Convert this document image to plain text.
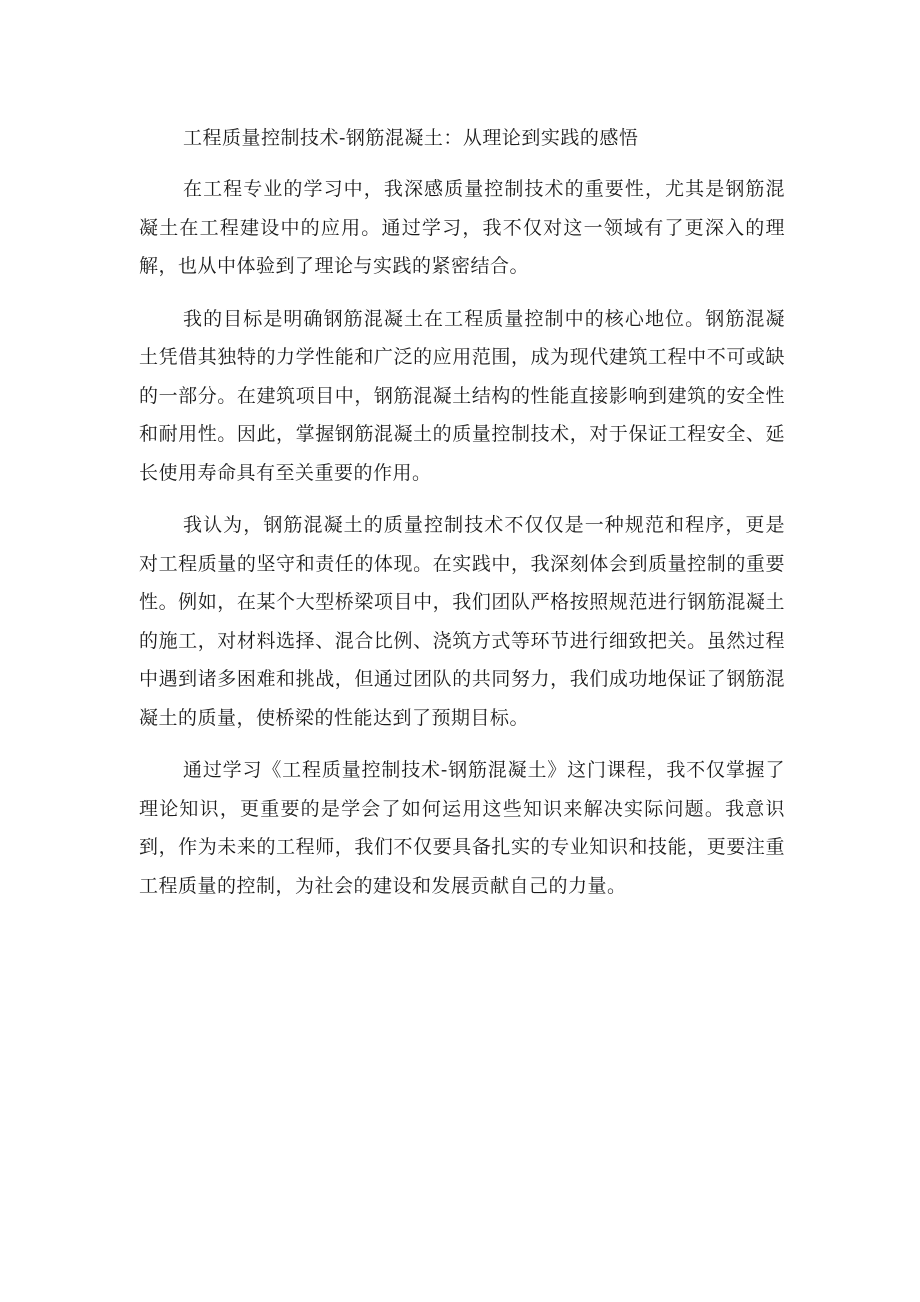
工程质量控制技术-钢筋混凝土：从理论到实践的感悟

在工程专业的学习中，我深感质量控制技术的重要性，尤其是钢筋混凝土在工程建设中的应用。通过学习，我不仅对这一领域有了更深入的理解，也从中体验到了理论与实践的紧密结合。

我的目标是明确钢筋混凝土在工程质量控制中的核心地位。钢筋混凝土凭借其独特的力学性能和广泛的应用范围，成为现代建筑工程中不可或缺的一部分。在建筑项目中，钢筋混凝土结构的性能直接影响到建筑的安全性和耐用性。因此，掌握钢筋混凝土的质量控制技术，对于保证工程安全、延长使用寿命具有至关重要的作用。

我认为，钢筋混凝土的质量控制技术不仅仅是一种规范和程序，更是对工程质量的坚守和责任的体现。在实践中，我深刻体会到质量控制的重要性。例如，在某个大型桥梁项目中，我们团队严格按照规范进行钢筋混凝土的施工，对材料选择、混合比例、浇筑方式等环节进行细致把关。虽然过程中遇到诸多困难和挑战，但通过团队的共同努力，我们成功地保证了钢筋混凝土的质量，使桥梁的性能达到了预期目标。

通过学习《工程质量控制技术-钢筋混凝土》这门课程，我不仅掌握了理论知识，更重要的是学会了如何运用这些知识来解决实际问题。我意识到，作为未来的工程师，我们不仅要具备扎实的专业知识和技能，更要注重工程质量的控制，为社会的建设和发展贡献自己的力量。
